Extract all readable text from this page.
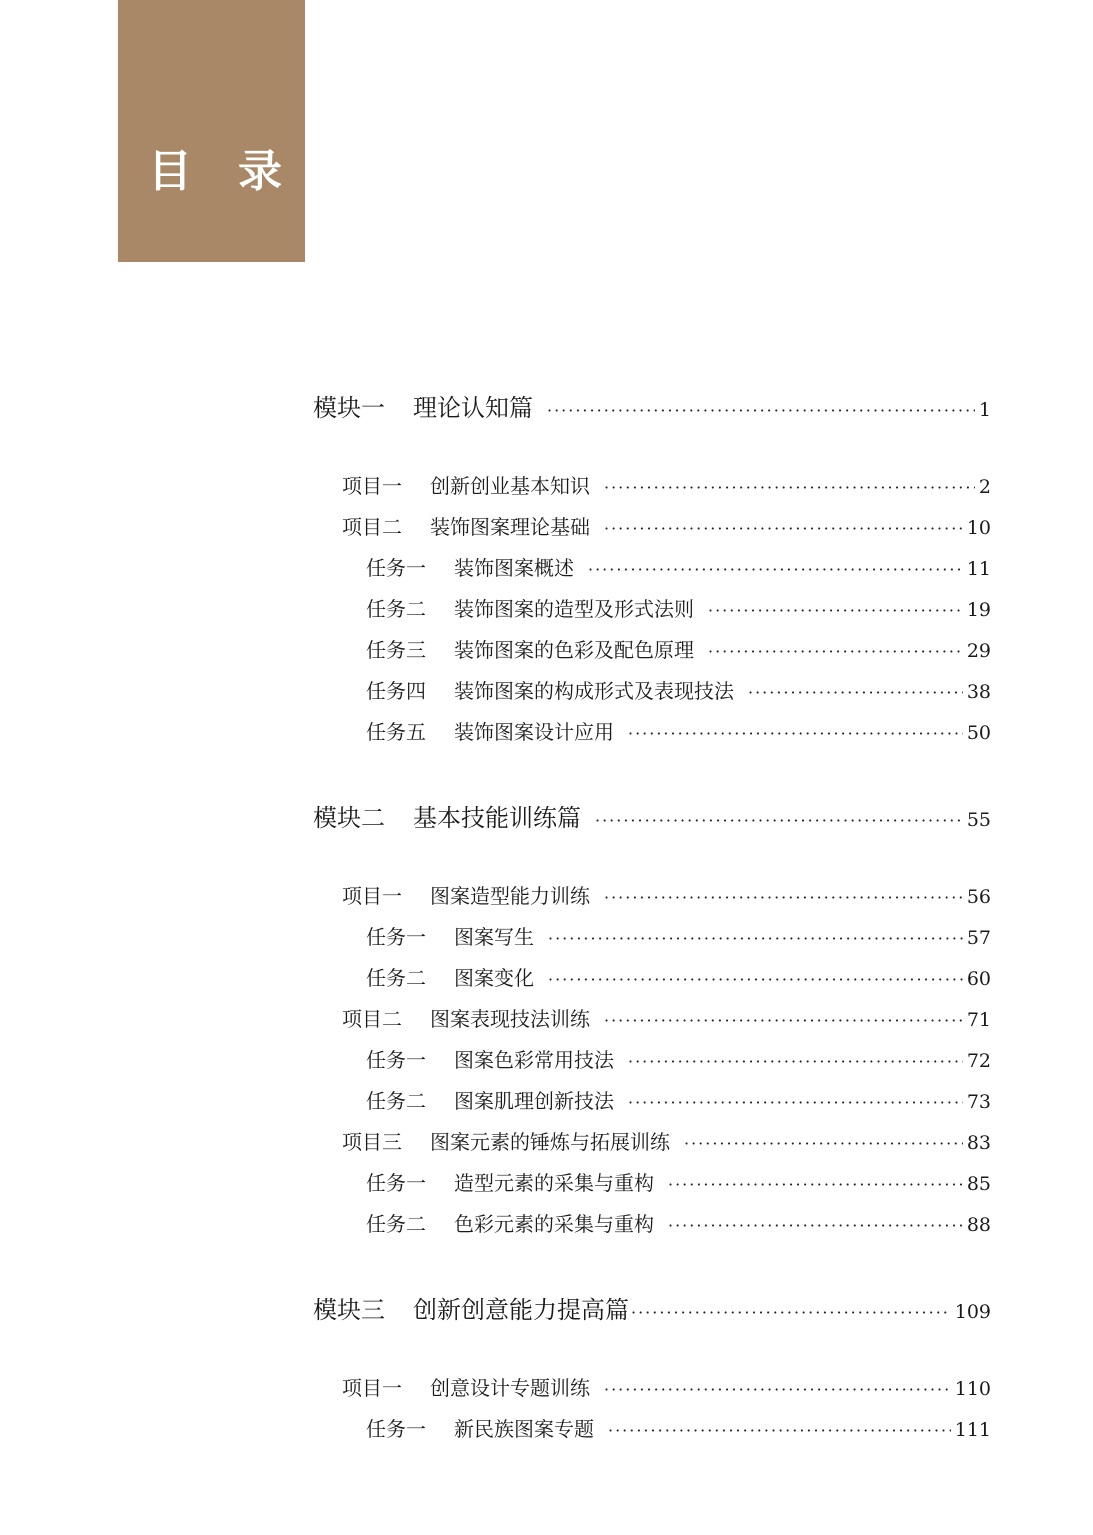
目录
模块一	理论认知篇 ·····	1
项目一	创新创业基本知识 ·····	2
项目二	装饰图案理论基础 ·····	10
任务一	装饰图案概述 ·····	11
任务二	装饰图案的造型及形式法则 ·····	19
任务三	装饰图案的色彩及配色原理 ·····	29
任务四	装饰图案的构成形式及表现技法 ·····	38
任务五	装饰图案设计应用 ·····	50
模块二	基本技能训练篇 ·····	55
项目一	图案造型能力训练 ·····	56
任务一	图案写生 ·····	57
任务二	图案变化 ·····	60
项目二	图案表现技法训练 ·····	71
任务一	图案色彩常用技法 ·····	72
任务二	图案肌理创新技法 ·····	73
项目三	图案元素的锤炼与拓展训练 ·····	83
任务一	造型元素的采集与重构 ·····	85
任务二	色彩元素的采集与重构 ·····	88
模块三	创新创意能力提高篇 ·····	109
项目一	创意设计专题训练 ·····	110
任务一	新民族图案专题 ·····	111
